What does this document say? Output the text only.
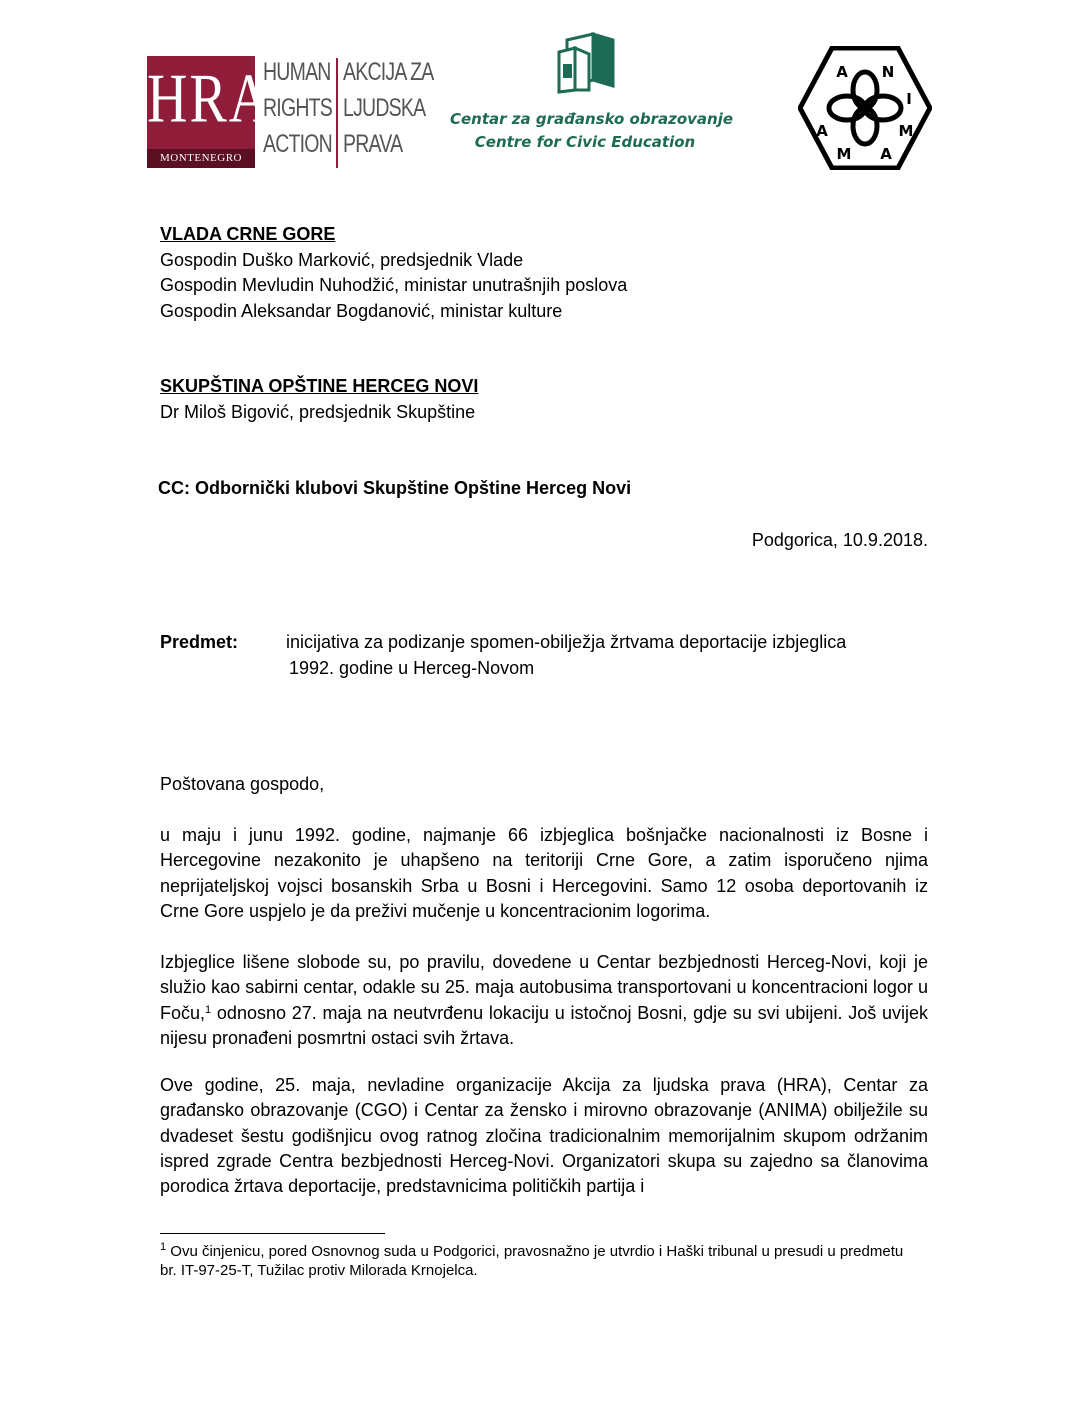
HRA
MONTENEGRO
HUMAN
RIGHTS
ACTION
AKCIJA ZA
LJUDSKA
PRAVA
Centar za građansko obrazovanje
Centre for Civic Education
A N
I
M
A
M
A
VLADA CRNE GORE
Gospodin Duško Marković, predsjednik Vlade
Gospodin Mevludin Nuhodžić, ministar unutrašnjih poslova
Gospodin Aleksandar Bogdanović, ministar kulture
SKUPŠTINA OPŠTINE HERCEG NOVI
Dr Miloš Bigović, predsjednik Skupštine
CC: Odbornički klubovi Skupštine Opštine Herceg Novi
Podgorica, 10.9.2018.
Predmet:	inicijativa za podizanje spomen-obilježja žrtvama deportacije izbjeglica
1992. godine u Herceg-Novom
Poštovana gospodo,
u maju i junu 1992. godine, najmanje 66 izbjeglica bošnjačke nacionalnosti iz Bosne i Hercegovine nezakonito je uhapšeno na teritoriji Crne Gore, a zatim isporučeno njima neprijateljskoj vojsci bosanskih Srba u Bosni i Hercegovini. Samo 12 osoba deportovanih iz Crne Gore uspjelo je da preživi mučenje u koncentracionim logorima.
Izbjeglice lišene slobode su, po pravilu, dovedene u Centar bezbjednosti Herceg-Novi, koji je služio kao sabirni centar, odakle su 25. maja autobusima transportovani u koncentracioni logor u Foču,$^1$ odnosno 27. maja na neutvrđenu lokaciju u istočnoj Bosni, gdje su svi ubijeni. Još uvijek nijesu pronađeni posmrtni ostaci svih žrtava.
Ove godine, 25. maja, nevladine organizacije Akcija za ljudska prava (HRA), Centar za građansko obrazovanje (CGO) i Centar za žensko i mirovno obrazovanje (ANIMA) obilježile su dvadeset šestu godišnjicu ovog ratnog zločina tradicionalnim memorijalnim skupom održanim ispred zgrade Centra bezbjednosti Herceg-Novi. Organizatori skupa su zajedno sa članovima porodica žrtava deportacije, predstavnicima političkih partija i
$^1$ Ovu činjenicu, pored Osnovnog suda u Podgorici, pravosnažno je utvrdio i Haški tribunal u presudi u predmetu br. IT-97-25-T, Tužilac protiv Milorada Krnojelca.
